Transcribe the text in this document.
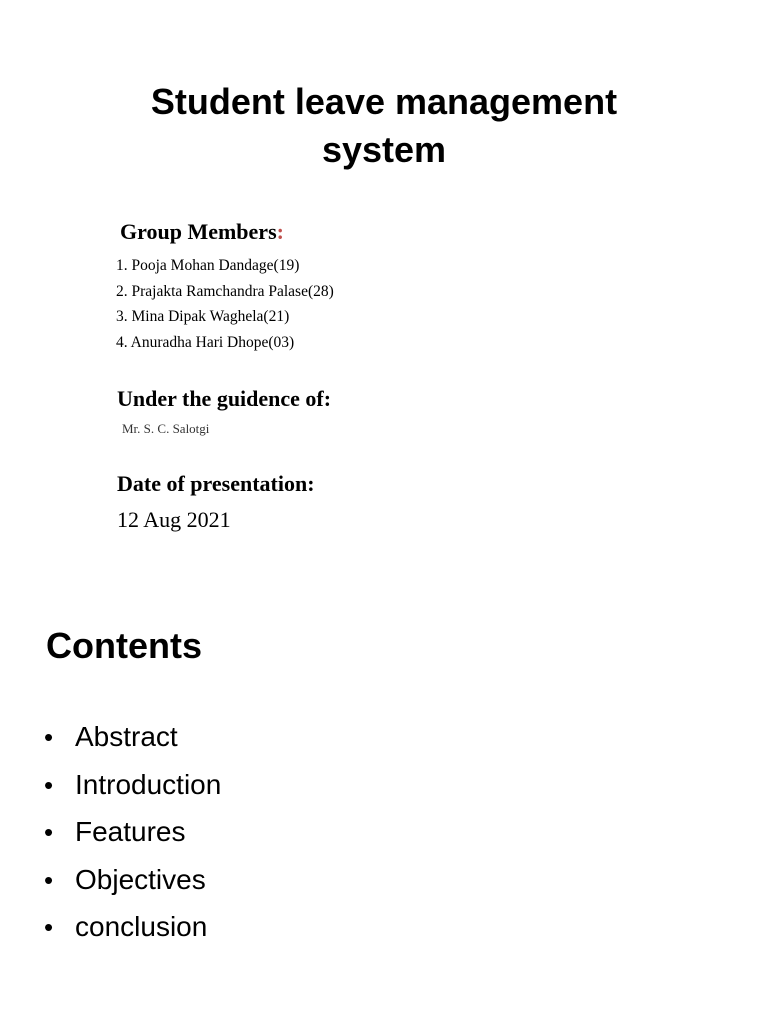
Student leave management
system
Group Members:
1. Pooja Mohan Dandage(19)
2. Prajakta Ramchandra Palase(28)
3. Mina Dipak Waghela(21)
4. Anuradha Hari Dhope(03)
Under the guidence of:
Mr. S. C. Salotgi
Date of presentation:
12 Aug 2021
Contents
• Abstract
• Introduction
• Features
• Objectives
• conclusion
